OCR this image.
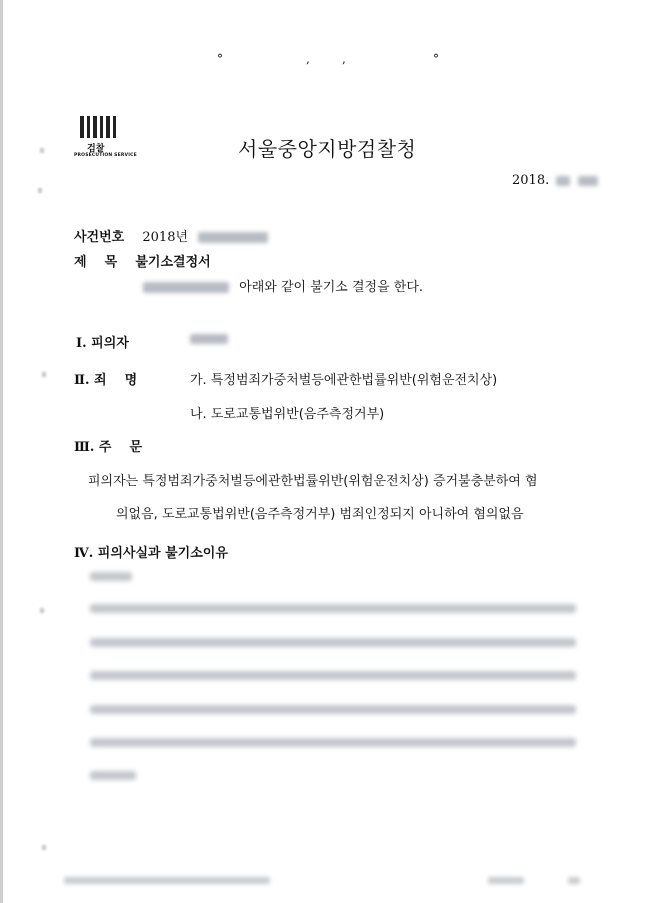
°	,	,	°
검찰
PROSECUTION SERVICE	서울중앙지방검찰청
2018.
사건번호 2018년
제    목 불기소결정서
아래와 같이 불기소 결정을 한다.
Ⅰ. 피의자
Ⅱ. 죄    명	가. 특정범죄가중처벌등에관한법률위반(위험운전치상)
나. 도로교통법위반(음주측정거부)
Ⅲ. 주    문
피의자는 특정범죄가중처벌등에관한법률위반(위험운전치상) 증거불충분하여 혐
의없음, 도로교통법위반(음주측정거부) 범죄인정되지 아니하여 혐의없음
Ⅳ. 피의사실과 불기소이유
